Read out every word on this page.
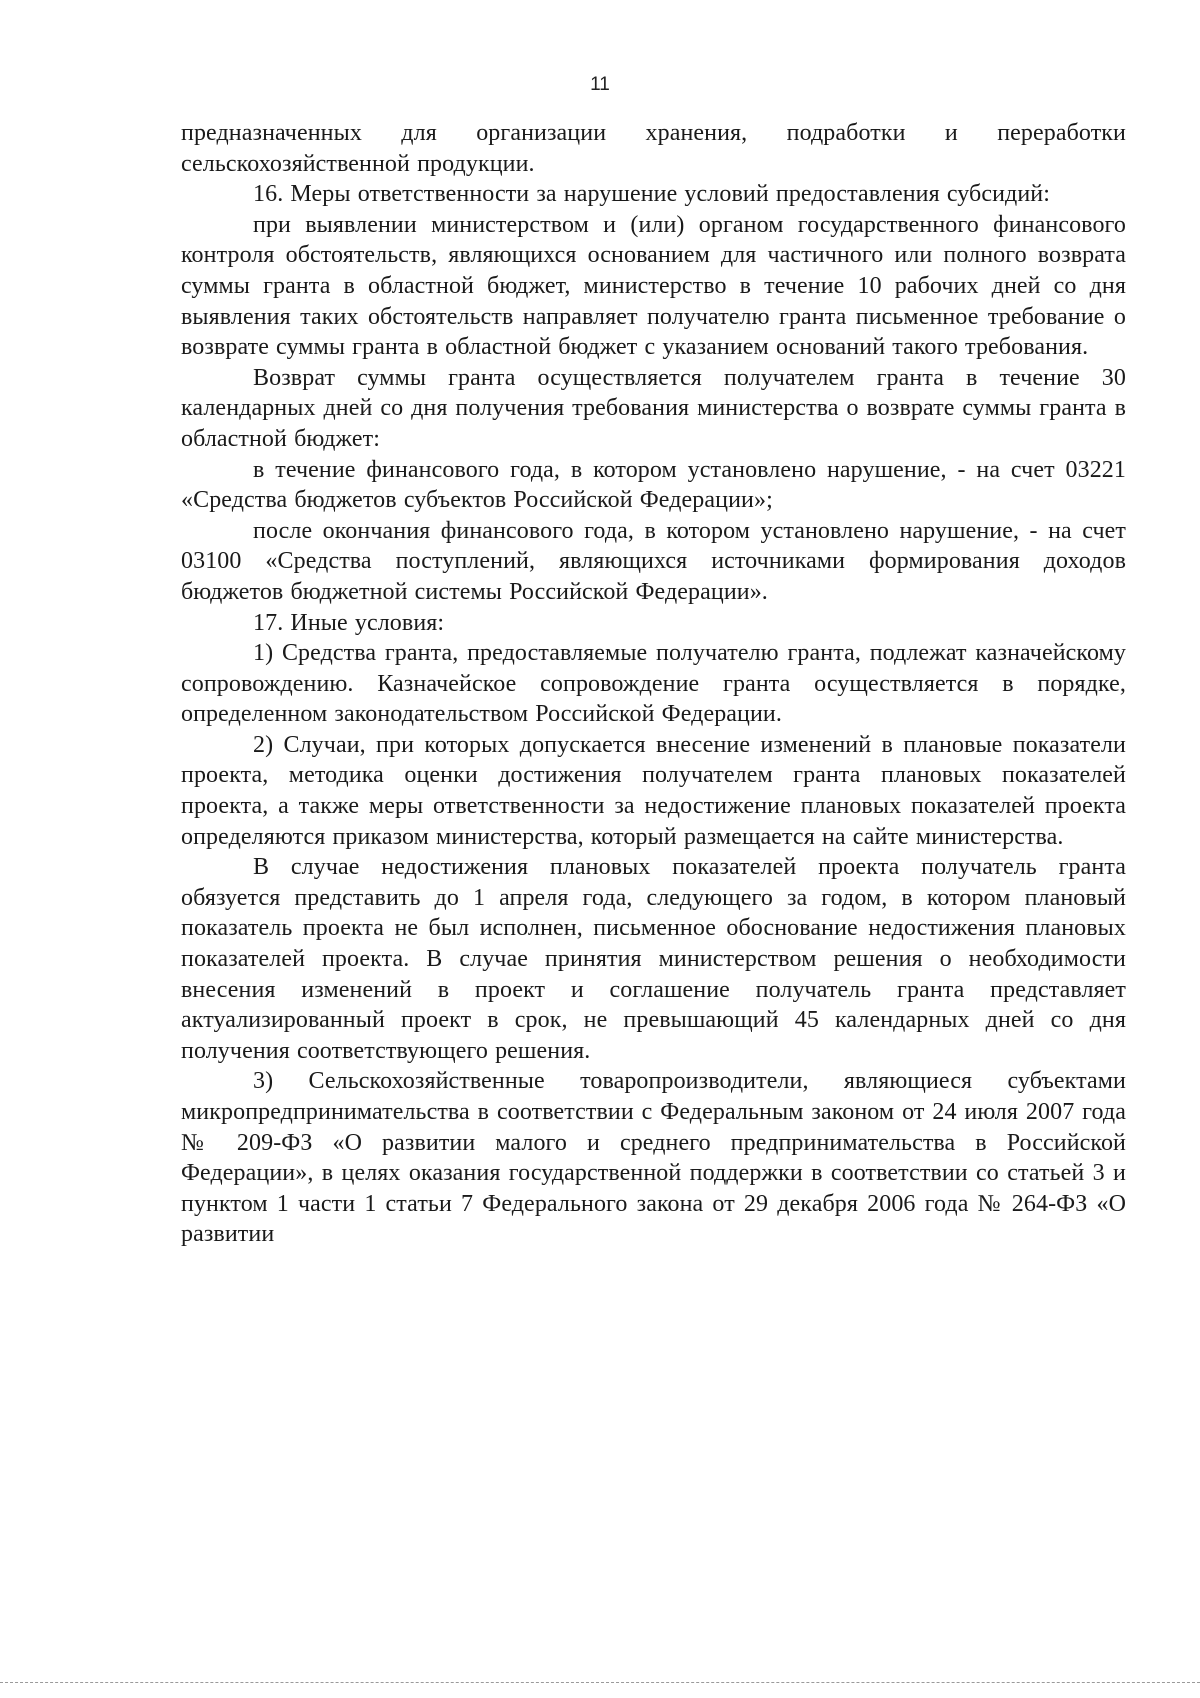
11

предназначенных для организации хранения, подработки и переработки сельскохозяйственной продукции.

16. Меры ответственности за нарушение условий предоставления субсидий:

при выявлении министерством и (или) органом государственного финансового контроля обстоятельств, являющихся основанием для частичного или полного возврата суммы гранта в областной бюджет, министерство в течение 10 рабочих дней со дня выявления таких обстоятельств направляет получателю гранта письменное требование о возврате суммы гранта в областной бюджет с указанием оснований такого требования.

Возврат суммы гранта осуществляется получателем гранта в течение 30 календарных дней со дня получения требования министерства о возврате суммы гранта в областной бюджет:

в течение финансового года, в котором установлено нарушение, - на счет 03221 «Средства бюджетов субъектов Российской Федерации»;

после окончания финансового года, в котором установлено нарушение, - на счет 03100 «Средства поступлений, являющихся источниками формирования доходов бюджетов бюджетной системы Российской Федерации».

17. Иные условия:

1) Средства гранта, предоставляемые получателю гранта, подлежат казначейскому сопровождению. Казначейское сопровождение гранта осуществляется в порядке, определенном законодательством Российской Федерации.

2) Случаи, при которых допускается внесение изменений в плановые показатели проекта, методика оценки достижения получателем гранта плановых показателей проекта, а также меры ответственности за недостижение плановых показателей проекта определяются приказом министерства, который размещается на сайте министерства.

В случае недостижения плановых показателей проекта получатель гранта обязуется представить до 1 апреля года, следующего за годом, в котором плановый показатель проекта не был исполнен, письменное обоснование недостижения плановых показателей проекта. В случае принятия министерством решения о необходимости внесения изменений в проект и соглашение получатель гранта представляет актуализированный проект в срок, не превышающий 45 календарных дней со дня получения соответствующего решения.

3) Сельскохозяйственные товаропроизводители, являющиеся субъектами микропредпринимательства в соответствии с Федеральным законом от 24 июля 2007 года № 209-ФЗ «О развитии малого и среднего предпринимательства в Российской Федерации», в целях оказания государственной поддержки в соответствии со статьей 3 и пунктом 1 части 1 статьи 7 Федерального закона от 29 декабря 2006 года № 264-ФЗ «О развитии
